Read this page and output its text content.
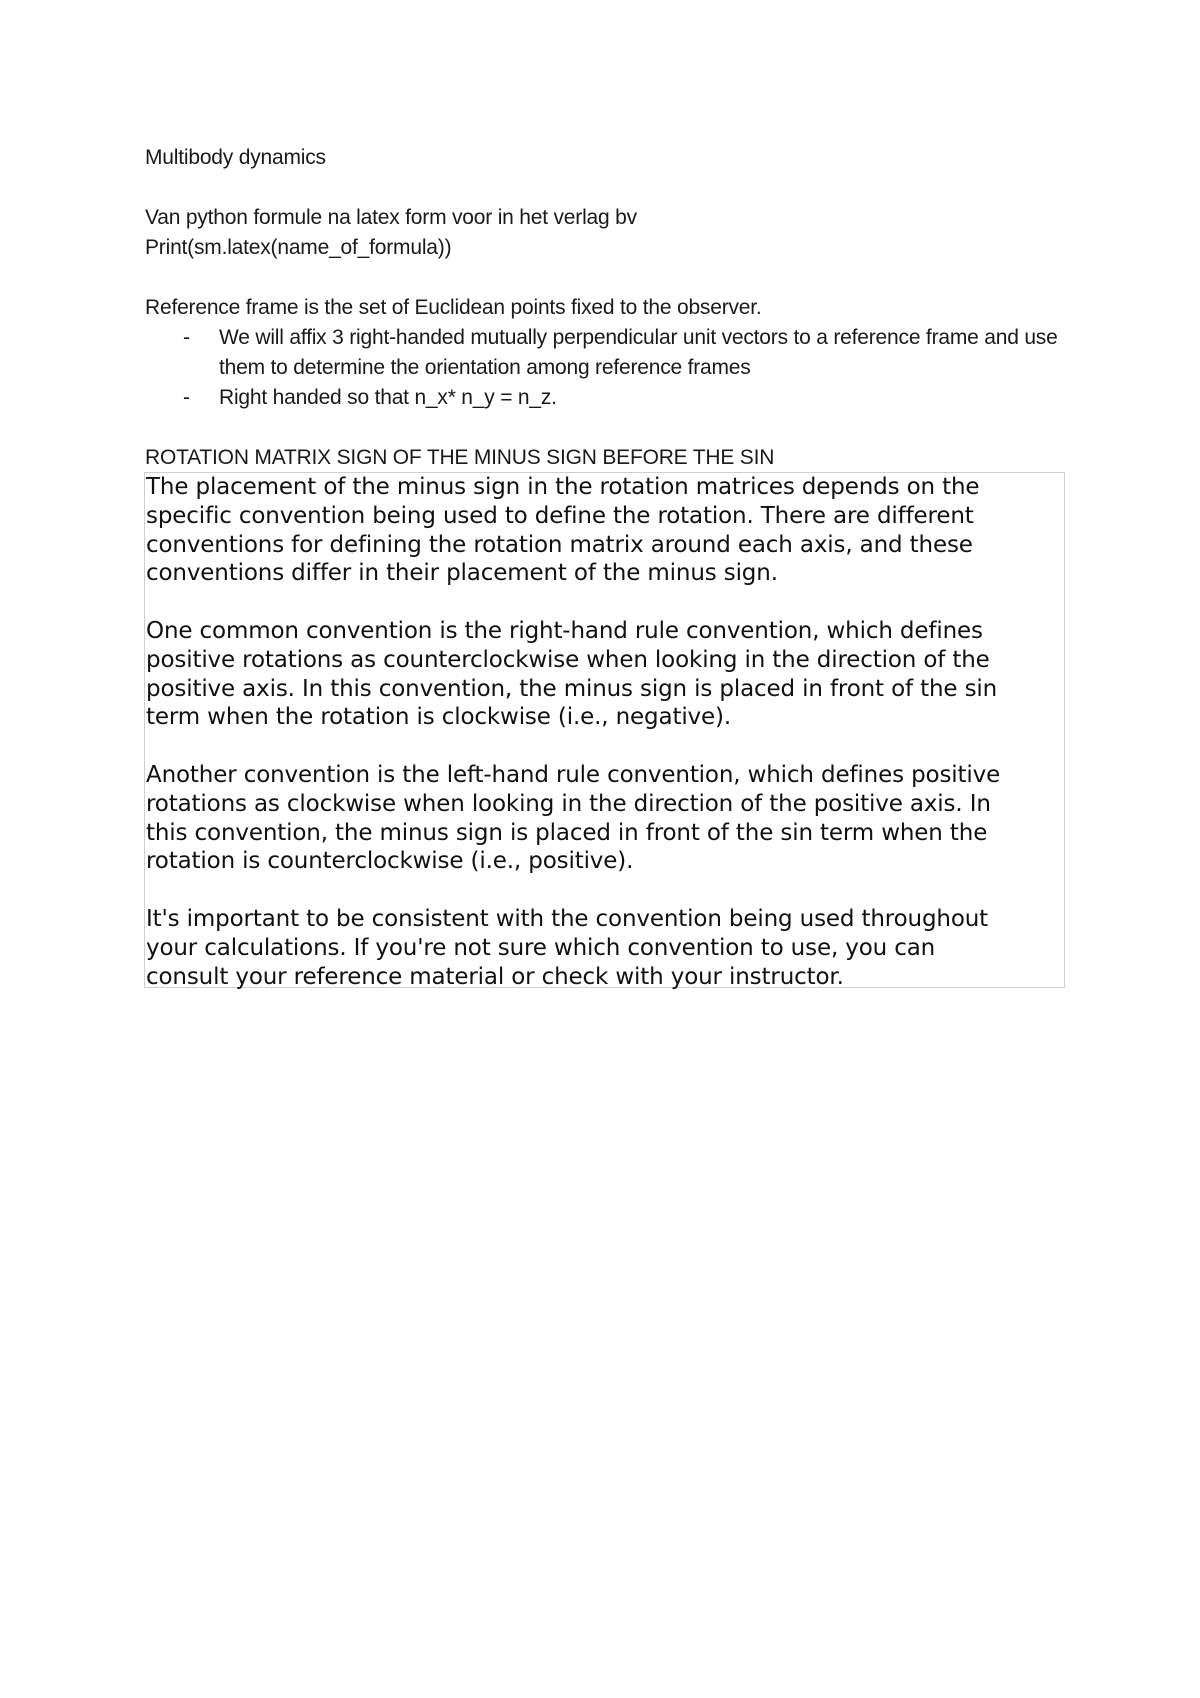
Multibody dynamics

Van python formule na latex form voor in het verlag bv

Print(sm.latex(name_of_formula))

Reference frame is the set of Euclidean points fixed to the observer.

- We will affix 3 right-handed mutually perpendicular unit vectors to a reference frame and use them to determine the orientation among reference frames
- Right handed so that n_x* n_y = n_z.

ROTATION MATRIX SIGN OF THE MINUS SIGN BEFORE THE SIN

The placement of the minus sign in the rotation matrices depends on the

specific convention being used to define the rotation. There are different

conventions for defining the rotation matrix around each axis, and these

conventions differ in their placement of the minus sign.

One common convention is the right-hand rule convention, which defines

positive rotations as counterclockwise when looking in the direction of the

positive axis. In this convention, the minus sign is placed in front of the sin

term when the rotation is clockwise (i.e., negative).

Another convention is the left-hand rule convention, which defines positive

rotations as clockwise when looking in the direction of the positive axis. In

this convention, the minus sign is placed in front of the sin term when the

rotation is counterclockwise (i.e., positive).

It's important to be consistent with the convention being used throughout

your calculations. If you're not sure which convention to use, you can

consult your reference material or check with your instructor.
